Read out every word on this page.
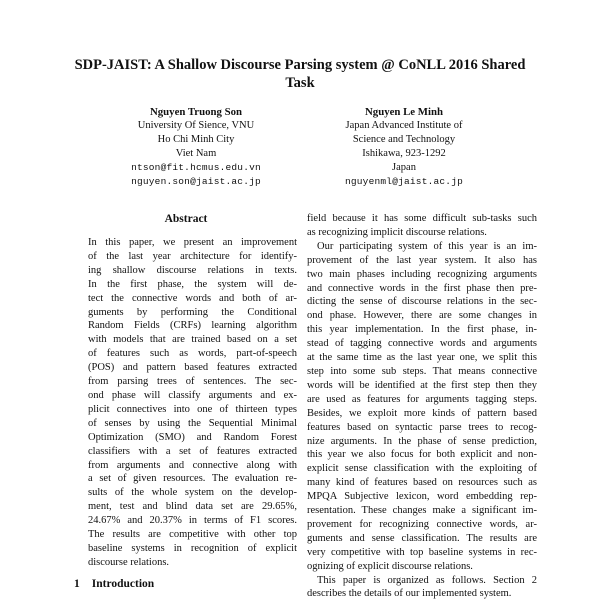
SDP-JAIST: A Shallow Discourse Parsing system @ CoNLL 2016 Shared
Task
Nguyen Truong Son
University Of Sience, VNU
Ho Chi Minh City
Viet Nam
ntson@fit.hcmus.edu.vn
nguyen.son@jaist.ac.jp
Nguyen Le Minh
Japan Advanced Institute of
Science and Technology
Ishikawa, 923-1292
Japan
nguyenml@jaist.ac.jp
Abstract
In this paper, we present an improvement
of the last year architecture for identify-
ing shallow discourse relations in texts.
In the first phase, the system will de-
tect the connective words and both of ar-
guments by performing the Conditional
Random Fields (CRFs) learning algorithm
with models that are trained based on a set
of features such as words, part-of-speech
(POS) and pattern based features extracted
from parsing trees of sentences. The sec-
ond phase will classify arguments and ex-
plicit connectives into one of thirteen types
of senses by using the Sequential Minimal
Optimization (SMO) and Random Forest
classifiers with a set of features extracted
from arguments and connective along with
a set of given resources. The evaluation re-
sults of the whole system on the develop-
ment, test and blind data set are 29.65%,
24.67% and 20.37% in terms of F1 scores.
The results are competitive with other top
baseline systems in recognition of explicit
discourse relations.
1 Introduction
field because it has some difficult sub-tasks such
as recognizing implicit discourse relations.
Our participating system of this year is an im-
provement of the last year system. It also has
two main phases including recognizing arguments
and connective words in the first phase then pre-
dicting the sense of discourse relations in the sec-
ond phase. However, there are some changes in
this year implementation. In the first phase, in-
stead of tagging connective words and arguments
at the same time as the last year one, we split this
step into some sub steps. That means connective
words will be identified at the first step then they
are used as features for arguments tagging steps.
Besides, we exploit more kinds of pattern based
features based on syntactic parse trees to recog-
nize arguments. In the phase of sense prediction,
this year we also focus for both explicit and non-
explicit sense classification with the exploiting of
many kind of features based on resources such as
MPQA Subjective lexicon, word embedding rep-
resentation. These changes make a significant im-
provement for recognizing connective words, ar-
guments and sense classification. The results are
very competitive with top baseline systems in rec-
ognizing of explicit discourse relations.
This paper is organized as follows. Section 2
describes the details of our implemented system.
